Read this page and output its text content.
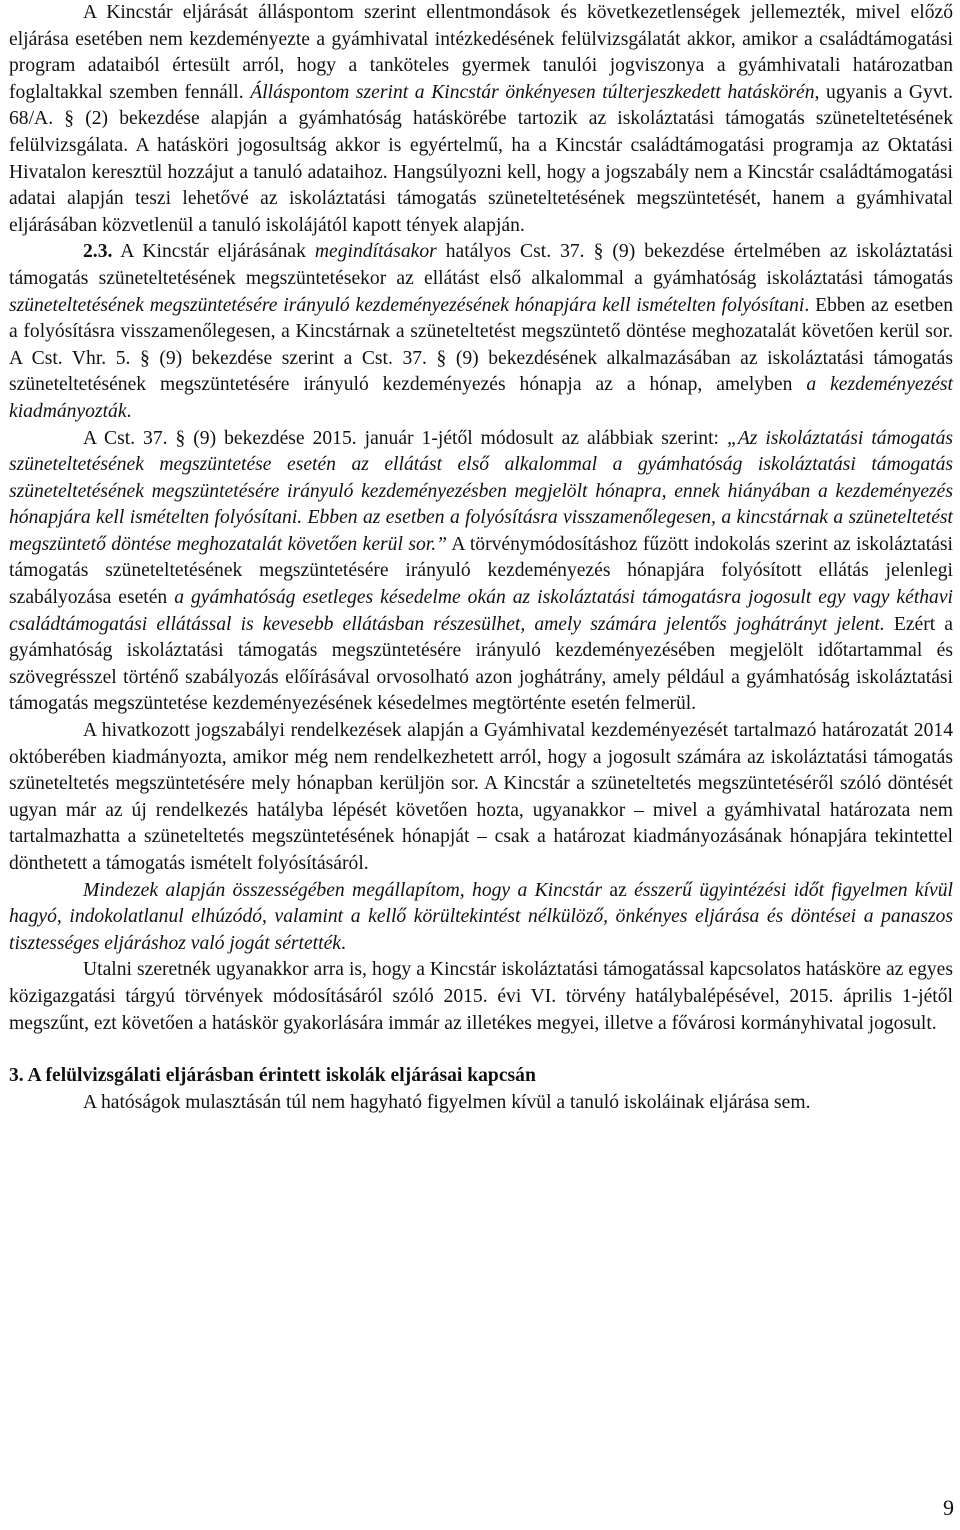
A Kincstár eljárását álláspontom szerint ellentmondások és következetlenségek jellemezték, mivel előző eljárása esetében nem kezdeményezte a gyámhivatal intézkedésének felülvizsgálatát akkor, amikor a családtámogatási program adataiból értesült arról, hogy a tanköteles gyermek tanulói jogviszonya a gyámhivatali határozatban foglaltakkal szemben fennáll. Álláspontom szerint a Kincstár önkényesen túlterjeszkedett hatáskörén, ugyanis a Gyvt. 68/A. § (2) bekezdése alapján a gyámhatóság hatáskörébe tartozik az iskoláztatási támogatás szüneteltetésének felülvizsgálata. A hatásköri jogosultság akkor is egyértelmű, ha a Kincstár családtámogatási programja az Oktatási Hivatalon keresztül hozzájut a tanuló adataihoz. Hangsúlyozni kell, hogy a jogszabály nem a Kincstár családtámogatási adatai alapján teszi lehetővé az iskoláztatási támogatás szüneteltetésének megszüntetését, hanem a gyámhivatal eljárásában közvetlenül a tanuló iskolájától kapott tények alapján.

2.3. A Kincstár eljárásának megindításakor hatályos Cst. 37. § (9) bekezdése értelmében az iskoláztatási támogatás szüneteltetésének megszüntetésekor az ellátást első alkalommal a gyámhatóság iskoláztatási támogatás szüneteltetésének megszüntetésére irányuló kezdeményezésének hónapjára kell ismételten folyósítani. Ebben az esetben a folyósításra visszamenőlegesen, a Kincstárnak a szüneteltetést megszüntető döntése meghozatalát követően kerül sor. A Cst. Vhr. 5. § (9) bekezdése szerint a Cst. 37. § (9) bekezdésének alkalmazásában az iskoláztatási támogatás szüneteltetésének megszüntetésére irányuló kezdeményezés hónapja az a hónap, amelyben a kezdeményezést kiadmányozták.

A Cst. 37. § (9) bekezdése 2015. január 1-jétől módosult az alábbiak szerint: „Az iskoláztatási támogatás szüneteltetésének megszüntetése esetén az ellátást első alkalommal a gyámhatóság iskoláztatási támogatás szüneteltetésének megszüntetésére irányuló kezdeményezésben megjelölt hónapra, ennek hiányában a kezdeményezés hónapjára kell ismételten folyósítani. Ebben az esetben a folyósításra visszamenőlegesen, a kincstárnak a szüneteltetést megszüntető döntése meghozatalát követően kerül sor.” A törvénymódosításhoz fűzött indokolás szerint az iskoláztatási támogatás szüneteltetésének megszüntetésére irányuló kezdeményezés hónapjára folyósított ellátás jelenlegi szabályozása esetén a gyámhatóság esetleges késedelme okán az iskoláztatási támogatásra jogosult egy vagy kéthavi családtámogatási ellátással is kevesebb ellátásban részesülhet, amely számára jelentős joghátrányt jelent. Ezért a gyámhatóság iskoláztatási támogatás megszüntetésére irányuló kezdeményezésében megjelölt időtartammal és szövegrésszel történő szabályozás előírásával orvosolható azon joghátrány, amely például a gyámhatóság iskoláztatási támogatás megszüntetése kezdeményezésének késedelmes megtörténte esetén felmerül.

A hivatkozott jogszabályi rendelkezések alapján a Gyámhivatal kezdeményezését tartalmazó határozatát 2014 októberében kiadmányozta, amikor még nem rendelkezhetett arról, hogy a jogosult számára az iskoláztatási támogatás szüneteltetés megszüntetésére mely hónapban kerüljön sor. A Kincstár a szüneteltetés megszüntetéséről szóló döntését ugyan már az új rendelkezés hatályba lépését követően hozta, ugyanakkor – mivel a gyámhivatal határozata nem tartalmazhatta a szüneteltetés megszüntetésének hónapját – csak a határozat kiadmányozásának hónapjára tekintettel dönthetett a támogatás ismételt folyósításáról.

Mindezek alapján összességében megállapítom, hogy a Kincstár az ésszerű ügyintézési időt figyelmen kívül hagyó, indokolatlanul elhúzódó, valamint a kellő körültekintést nélkülöző, önkényes eljárása és döntései a panaszos tisztességes eljáráshoz való jogát sértették.

Utalni szeretnék ugyanakkor arra is, hogy a Kincstár iskoláztatási támogatással kapcsolatos hatásköre az egyes közigazgatási tárgyú törvények módosításáról szóló 2015. évi VI. törvény hatálybalépésével, 2015. április 1-jétől megszűnt, ezt követően a hatáskör gyakorlására immár az illetékes megyei, illetve a fővárosi kormányhivatal jogosult.

3. A felülvizsgálati eljárásban érintett iskolák eljárásai kapcsán

A hatóságok mulasztásán túl nem hagyható figyelmen kívül a tanuló iskoláinak eljárása sem.

9
